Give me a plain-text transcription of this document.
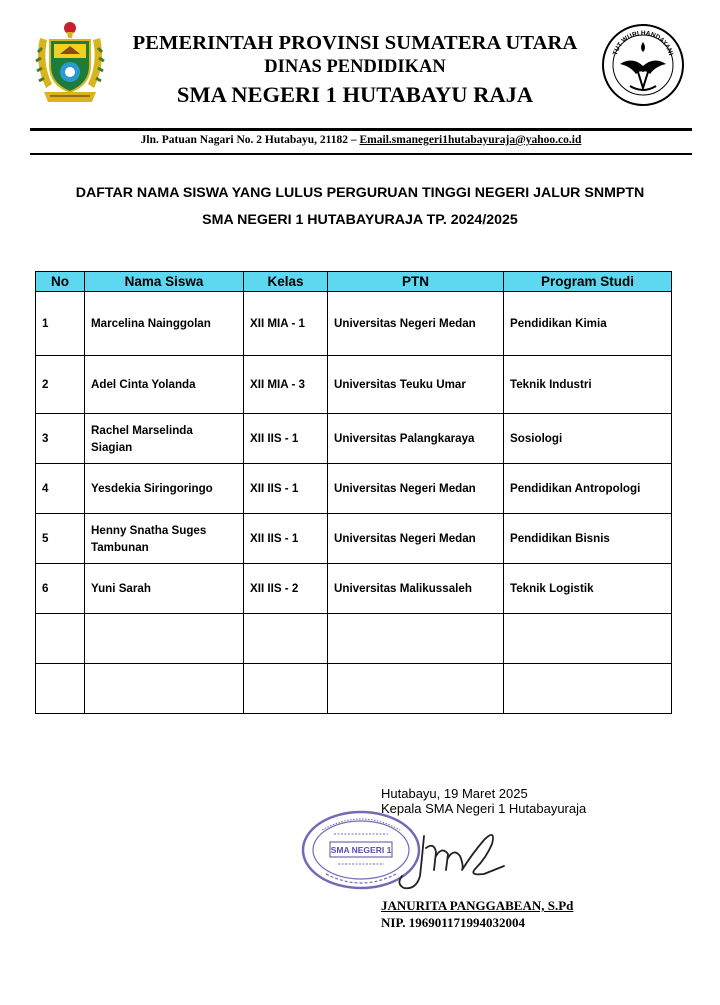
TUT WURI HANDAYANI
PEMERINTAH PROVINSI SUMATERA UTARA
DINAS PENDIDIKAN
SMA NEGERI 1 HUTABAYU RAJA
Jln. Patuan Nagari No. 2 Hutabayu, 21182 – Email.smanegeri1hutabayuraja@yahoo.co.id
DAFTAR NAMA SISWA YANG LULUS PERGURUAN TINGGI NEGERI JALUR SNMPTN
SMA NEGERI 1 HUTABAYURAJA TP. 2024/2025
No	Nama Siswa	Kelas	PTN	Program Studi
1	Marcelina Nainggolan	XII MIA - 1	Universitas Negeri Medan	Pendidikan Kimia
2	Adel Cinta Yolanda	XII MIA - 3	Universitas Teuku Umar	Teknik Industri
3	Rachel Marselinda Siagian	XII IIS - 1	Universitas Palangkaraya	Sosiologi
4	Yesdekia Siringoringo	XII IIS - 1	Universitas Negeri Medan	Pendidikan Antropologi
5	Henny Snatha Suges Tambunan	XII IIS - 1	Universitas Negeri Medan	Pendidikan Bisnis
6	Yuni Sarah	XII IIS - 2	Universitas Malikussaleh	Teknik Logistik

Hutabayu, 19 Maret 2025
Kepala SMA Negeri 1 Hutabayuraja
SMA NEGERI 1
JANURITA PANGGABEAN, S.Pd
NIP. 196901171994032004
